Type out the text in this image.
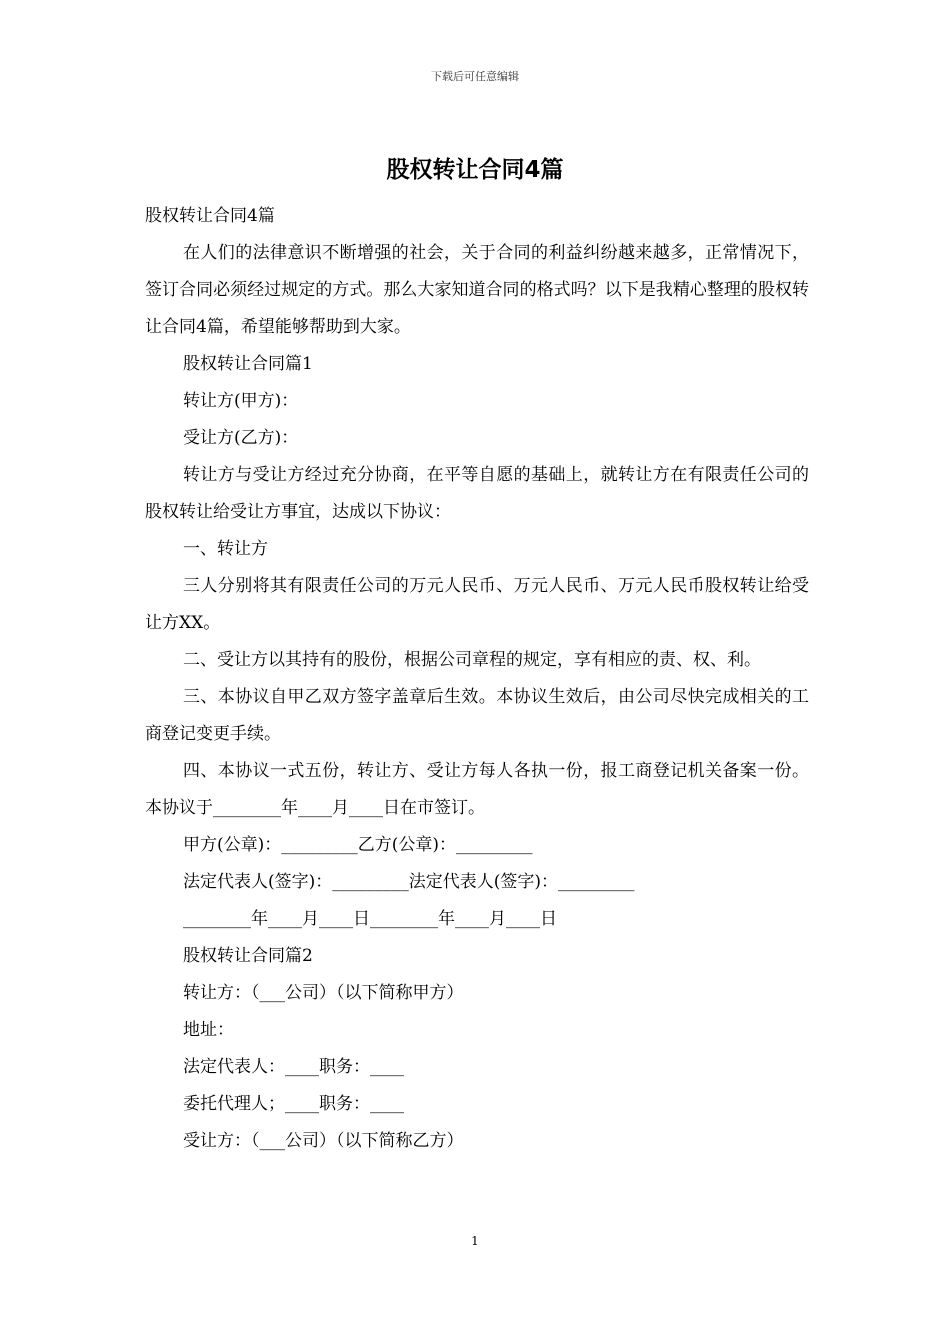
下载后可任意编辑
股权转让合同4篇

股权转让合同4篇

在人们的法律意识不断增强的社会，关于合同的利益纠纷越来越多，正常情况下，签订合同必须经过规定的方式。那么大家知道合同的格式吗？以下是我精心整理的股权转让合同4篇，希望能够帮助到大家。

股权转让合同篇1

转让方(甲方)：

受让方(乙方)：

转让方与受让方经过充分协商，在平等自愿的基础上，就转让方在有限责任公司的股权转让给受让方事宜，达成以下协议：

一、转让方

三人分别将其有限责任公司的万元人民币、万元人民币、万元人民币股权转让给受让方XX。

二、受让方以其持有的股份，根据公司章程的规定，享有相应的责、权、利。

三、本协议自甲乙双方签字盖章后生效。本协议生效后，由公司尽快完成相关的工商登记变更手续。

四、本协议一式五份，转让方、受让方每人各执一份，报工商登记机关备案一份。本协议于________年____月____日在市签订。

甲方(公章)：_________乙方(公章)：_________

法定代表人(签字)：_________法定代表人(签字)：_________

________年____月____日________年____月____日

股权转让合同篇2

转让方：（___公司）（以下简称甲方）

地址：

法定代表人：____职务：____

委托代理人；____职务：____

受让方：（___公司）（以下简称乙方）

1
